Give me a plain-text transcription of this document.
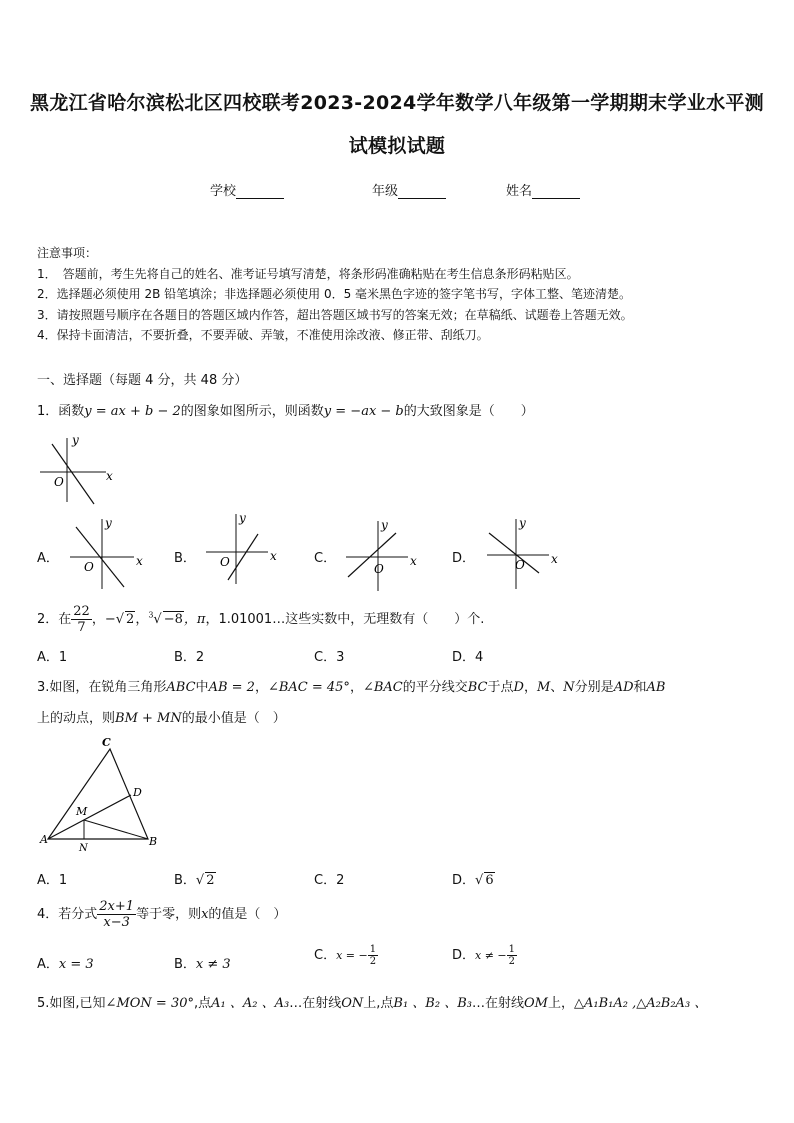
黑龙江省哈尔滨松北区四校联考2023-2024学年数学八年级第一学期期末学业水平测
试模拟试题
学校	年级	姓名
注意事项：
1．　答题前，考生先将自己的姓名、准考证号填写清楚，将条形码准确粘贴在考生信息条形码粘贴区。
2．选择题必须使用 2B 铅笔填涂；非选择题必须使用 0．5 毫米黑色字迹的签字笔书写，字体工整、笔迹清楚。
3．请按照题号顺序在各题目的答题区域内作答，超出答题区域书写的答案无效；在草稿纸、试题卷上答题无效。
4．保持卡面清洁，不要折叠，不要弄破、弄皱，不准使用涂改液、修正带、刮纸刀。
一、选择题（每题 4 分，共 48 分）
1．函数y = ax + b − 2的图象如图所示，则函数y = −ax − b的大致图象是（　　）
y
x
O
A．
y
x
O
B．
y
x
O	C．
y
x
O
D．
y
x
O
2．在 $\frac{22}{7}$ ，−√ 2，$^3$√ −8，π，1.01001…这些实数中，无理数有（　　）个.
A．1	B．2	C．3	D．4
3.如图，在锐角三角形ABC中AB = 2，∠BAC = 45°，∠BAC的平分线交BC于点D，M、N分别是AD和AB
上的动点，则BM + MN的最小值是（　）
C
D
M
A	B
N
A．1	B．√ 2	C．2	D．√ 6
4．若分式 $\frac{2x+1}{x-3}$ 等于零，则x的值是（　）
A．x = 3	B．x ≠ 3
C．x = − $\frac{1}{2}$	D．x ≠ − $\frac{1}{2}$
5.如图,已知∠MON = 30°,点A₁ 、A₂ 、A₃…在射线ON上,点B₁ 、B₂ 、B₃…在射线OM上，△A₁B₁A₂ ,△A₂B₂A₃ 、
